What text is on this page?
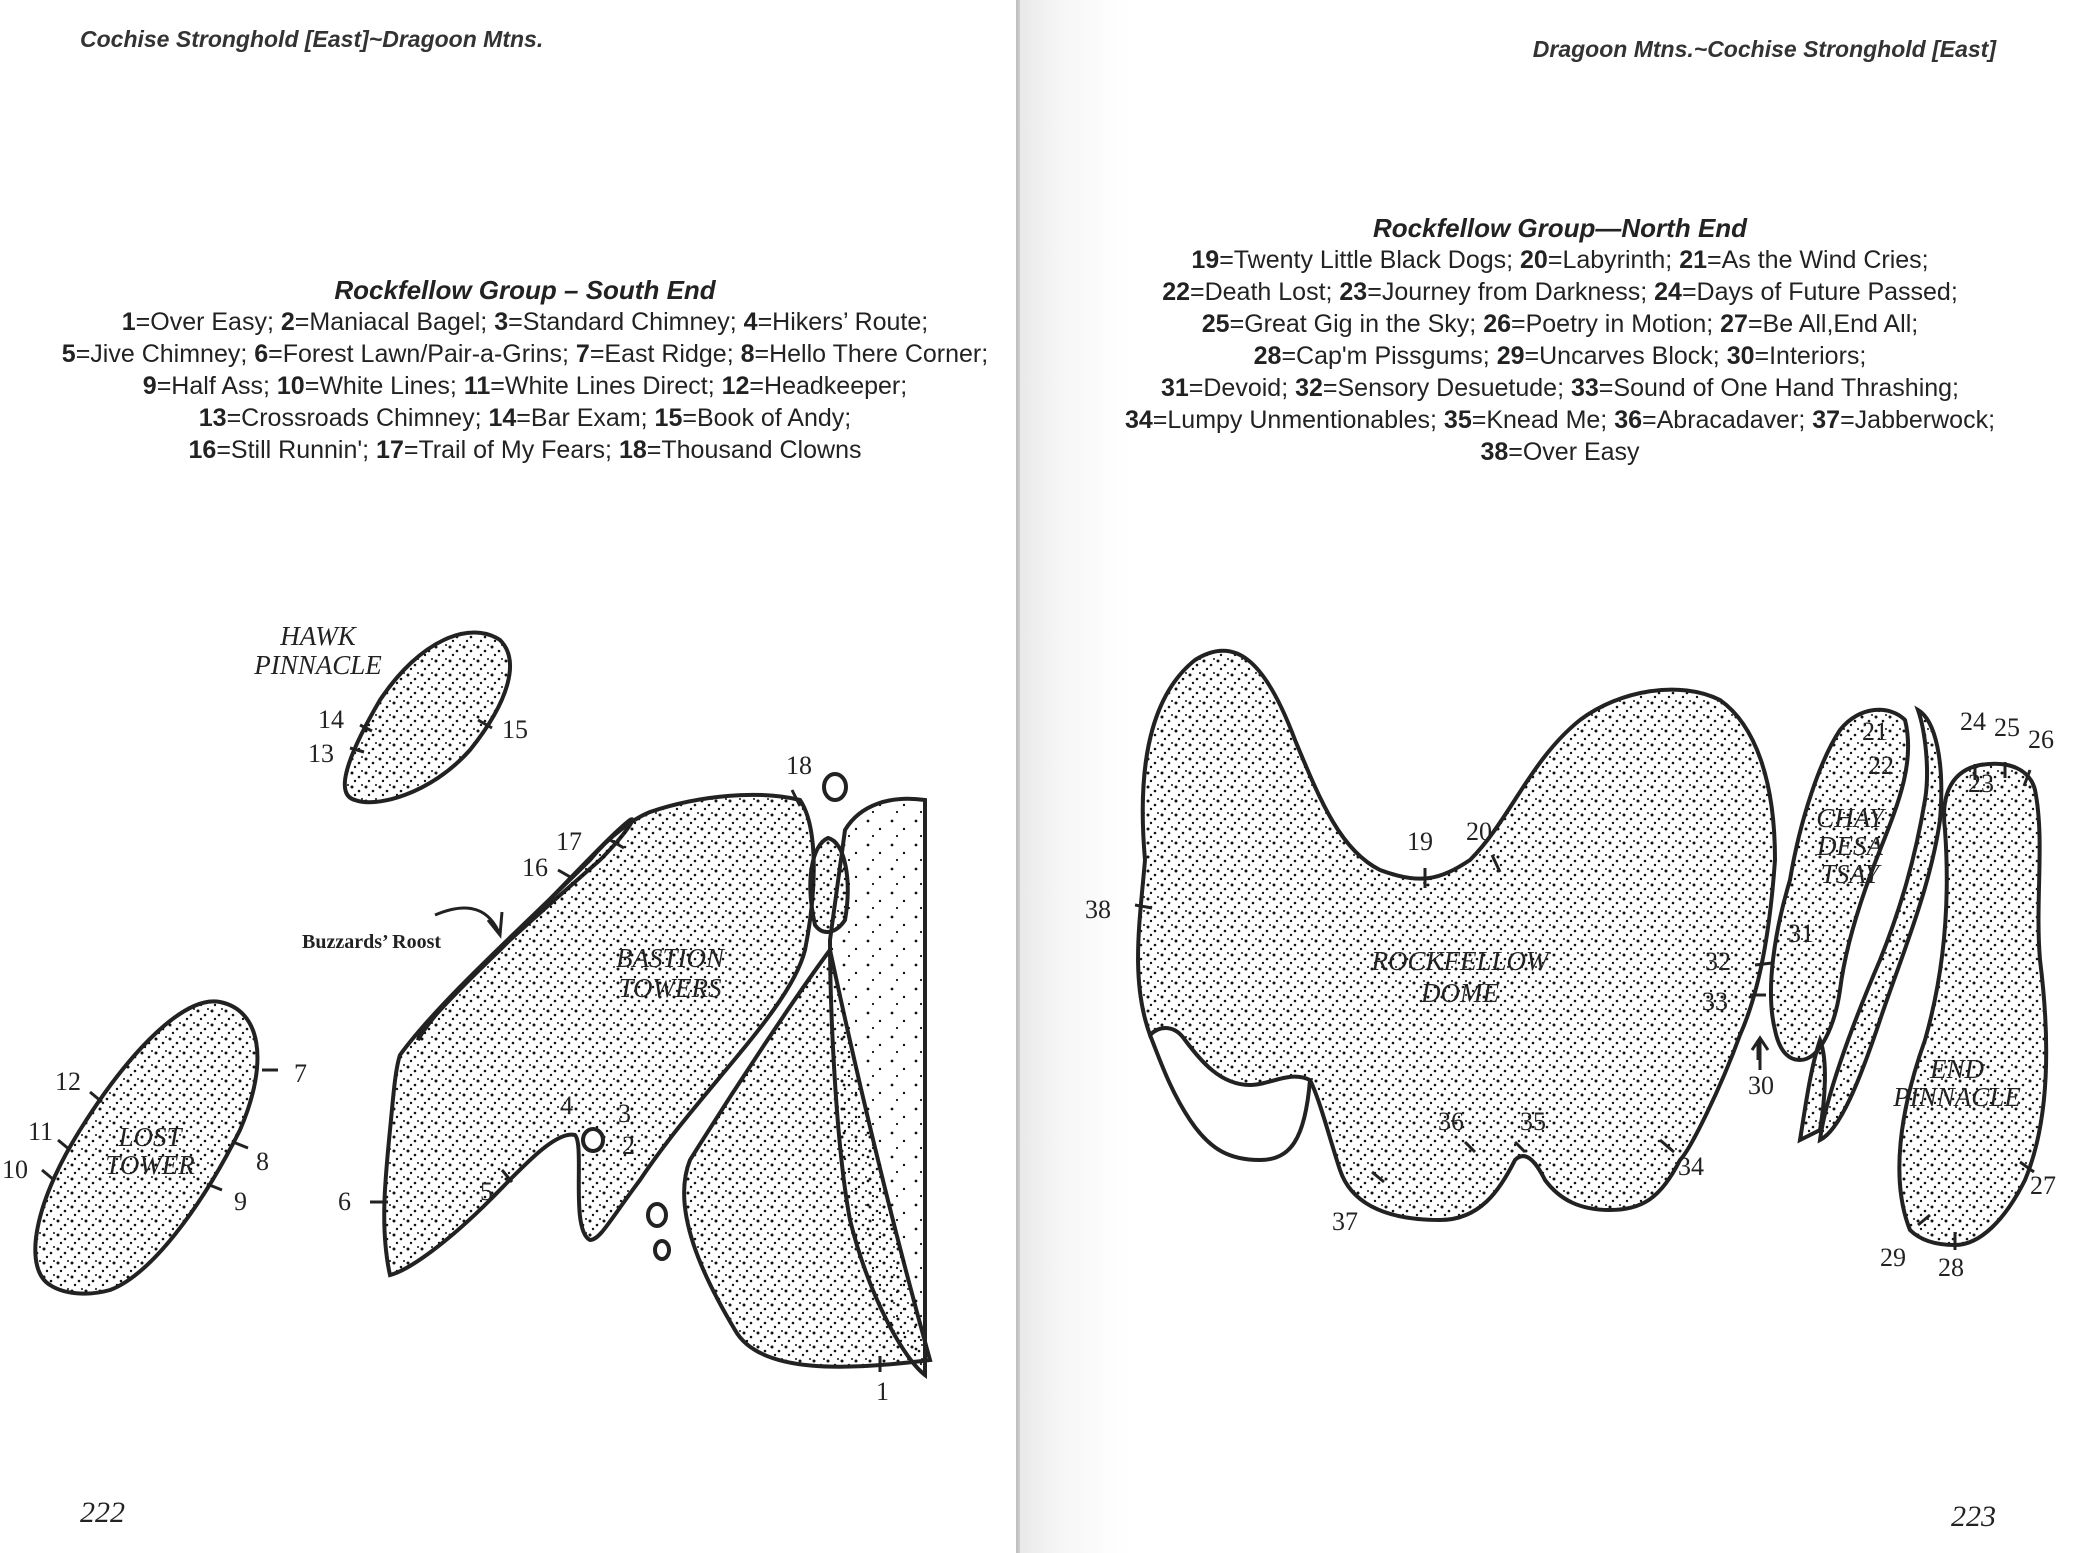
Cochise Stronghold [East]~Dragoon Mtns.
Rockfellow Group – South End
1=Over Easy; 2=Maniacal Bagel; 3=Standard Chimney; 4=Hikers’ Route;
5=Jive Chimney; 6=Forest Lawn/Pair-a-Grins; 7=East Ridge; 8=Hello There Corner;
9=Half Ass; 10=White Lines; 11=White Lines Direct; 12=Headkeeper;
13=Crossroads Chimney; 14=Bar Exam; 15=Book of Andy;
16=Still Runnin'; 17=Trail of My Fears; 18=Thousand Clowns
HAWK
PINNACLE
LOST
TOWER
BASTION
TOWERS
Buzzards’ Roost
13
14	15
16
17
18
12
11
10
7
8
9	6	5
4 3
2
1
222
Dragoon Mtns.~Cochise Stronghold [East]
Rockfellow Group—North End
19=Twenty Little Black Dogs; 20=Labyrinth; 21=As the Wind Cries;
22=Death Lost; 23=Journey from Darkness; 24=Days of Future Passed;
25=Great Gig in the Sky; 26=Poetry in Motion; 27=Be All,End All;
28=Cap'm Pissgums; 29=Uncarves Block; 30=Interiors;
31=Devoid; 32=Sensory Desuetude; 33=Sound of One Hand Thrashing;
34=Lumpy Unmentionables; 35=Knead Me; 36=Abracadaver; 37=Jabberwock;
38=Over Easy
ROCKFELLOW
DOME
CHAY
DESA
TSAY
END
PINNACLE
19 20
38
32
33
30
31
21
22
24 25 26
23
34
35
36
37
27
28
29
223
